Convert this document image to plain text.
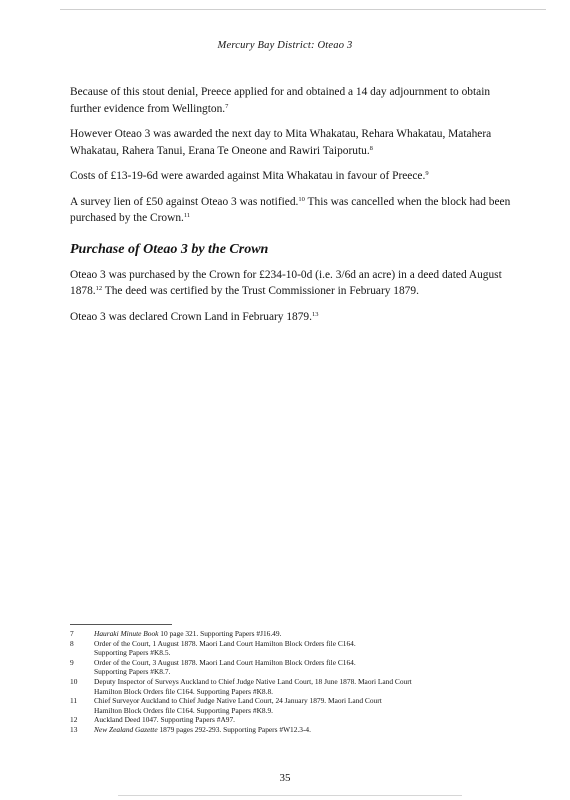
Mercury Bay District: Oteao 3

Because of this stout denial, Preece applied for and obtained a 14 day adjournment to obtain further evidence from Wellington.$^7$

However Oteao 3 was awarded the next day to Mita Whakatau, Rehara Whakatau, Matahera Whakatau, Rahera Tanui, Erana Te Oneone and Rawiri Taiporutu.$^8$

Costs of £13-19-6d were awarded against Mita Whakatau in favour of Preece.$^9$

A survey lien of £50 against Oteao 3 was notified.$^{10}$ This was cancelled when the block had been purchased by the Crown.$^{11}$

Purchase of Oteao 3 by the Crown

Oteao 3 was purchased by the Crown for £234-10-0d (i.e. 3/6d an acre) in a deed dated August 1878.12 The deed was certified by the Trust Commissioner in February 1879.

Oteao 3 was declared Crown Land in February 1879.13

7	Hauraki Minute Book 10 page 321. Supporting Papers #J16.49.
8	Order of the Court, 1 August 1878. Maori Land Court Hamilton Block Orders file C164.
Supporting Papers #K8.5.
9	Order of the Court, 3 August 1878. Maori Land Court Hamilton Block Orders file C164.
Supporting Papers #K8.7.
10	Deputy Inspector of Surveys Auckland to Chief Judge Native Land Court, 18 June 1878. Maori Land Court
Hamilton Block Orders file C164. Supporting Papers #K8.8.
11	Chief Surveyor Auckland to Chief Judge Native Land Court, 24 January 1879. Maori Land Court
Hamilton Block Orders file C164. Supporting Papers #K8.9.
12	Auckland Deed 1047. Supporting Papers #A97.
13	New Zealand Gazette 1879 pages 292-293. Supporting Papers #W12.3-4.
35
